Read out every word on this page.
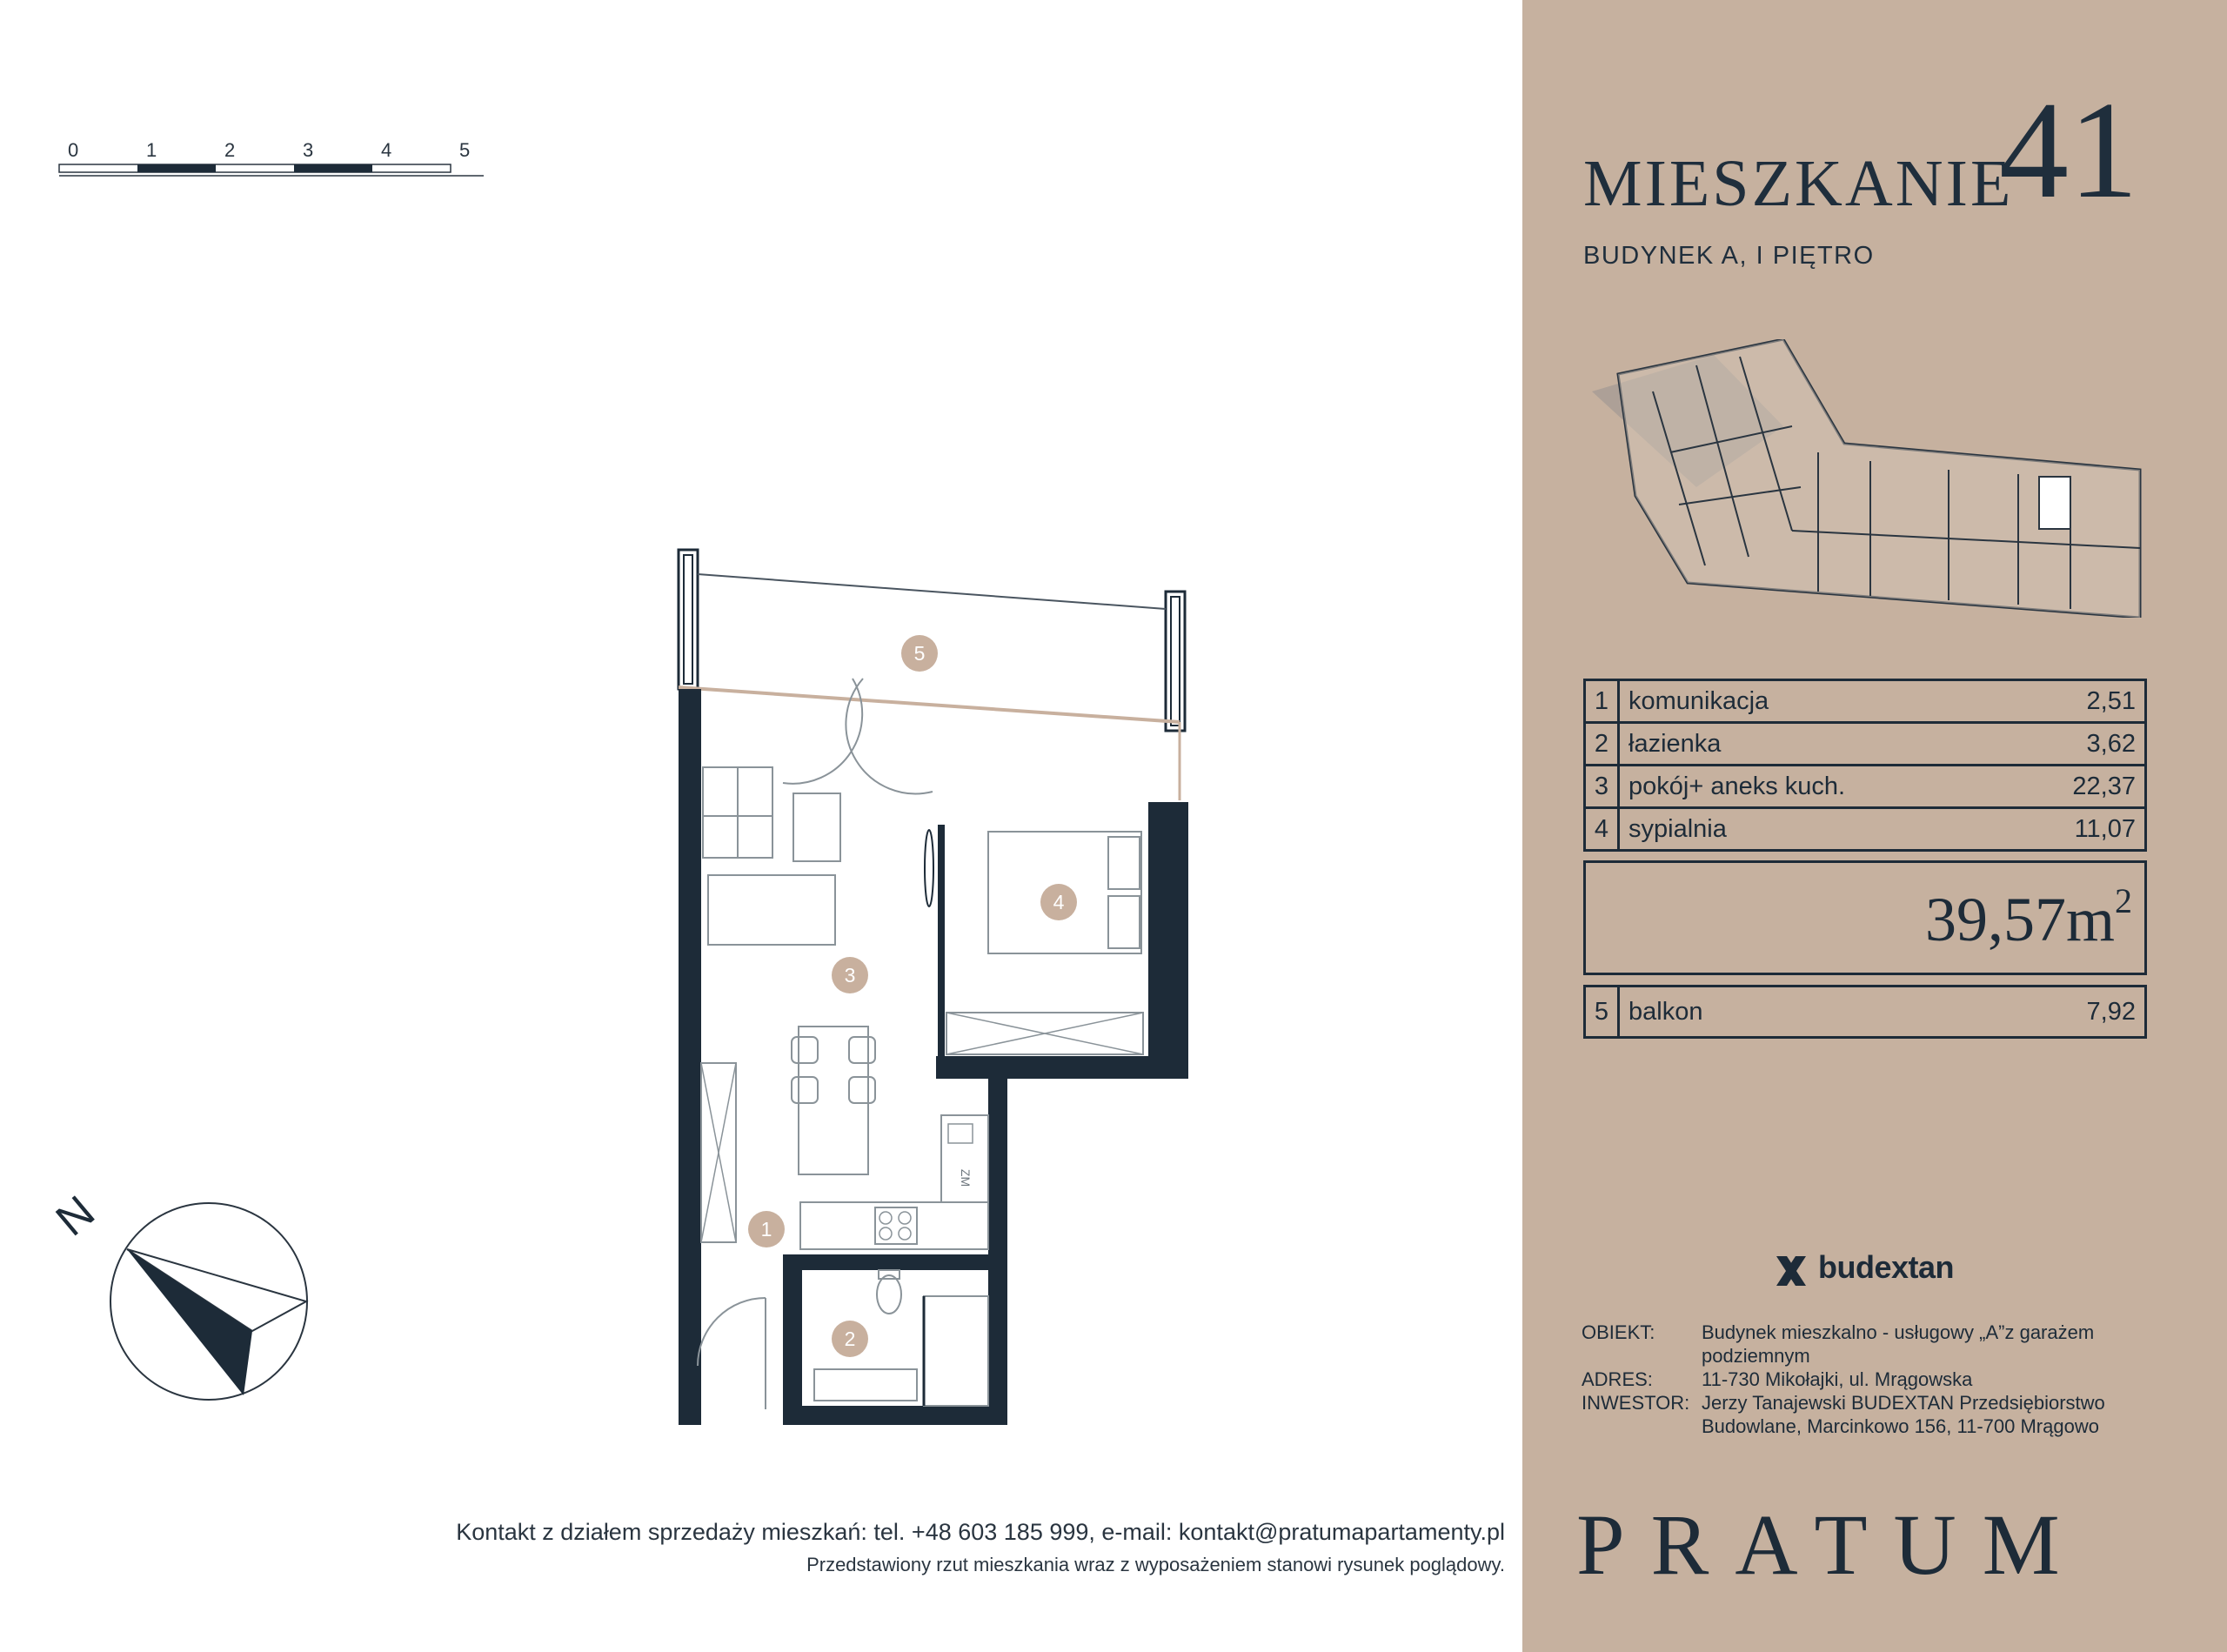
0	1	2	3	4	5
5
4
3
1
2
ZM
N
MIESZKANIE
41
BUDYNEK A, I PIĘTRO
1	komunikacja	2,51
2	łazienka	3,62
3	pokój+ aneks kuch.	22,37
4	sypialnia	11,07
$39,57m^2$
5	balkon	7,92
budextan
OBIEKT: Budynek mieszkalno - usługowy „A”z garażem
podziemnym
ADRES:	11-730 Mikołajki, ul. Mrągowska
INWESTOR: Jerzy Tanajewski BUDEXTAN Przedsiębiorstwo
Budowlane, Marcinkowo 156, 11-700 Mrągowo
PRATUM
Kontakt z działem sprzedaży mieszkań: tel. +48 603 185 999, e-mail: kontakt@pratumapartamenty.pl
Przedstawiony rzut mieszkania wraz z wyposażeniem stanowi rysunek poglądowy.
